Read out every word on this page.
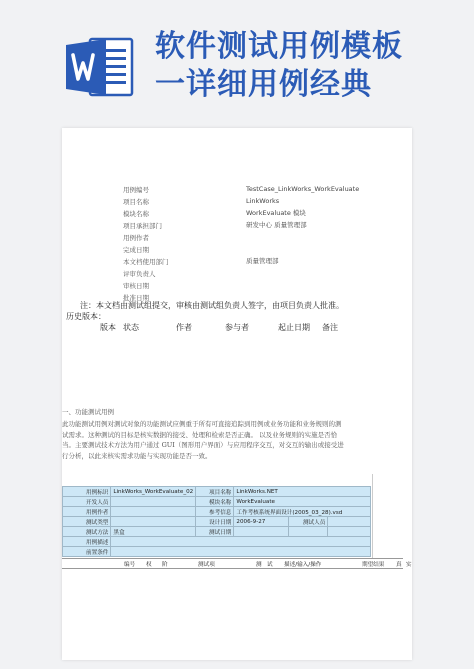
软件测试用例模板
一详细用例经典
用例编号	TestCase_LinkWorks_WorkEvaluate
项目名称	LinkWorks
模块名称	WorkEvaluate 模块
项目承担部门	研发中心 质量管理部
用例作者
完成日期
本文档使用部门	质量管理部
评审负责人
审核日期
批准日期
注：本文档由测试组提交，审核由测试组负责人签字，由项目负责人批准。
历史版本：
版本 状态	作者	参与者	起止日期 备注
一、功能测试用例
此功能测试用例对测试对象的功能测试应侧重于所有可直接追踪到用例或业务功能和业务规则的测试需求。这种测试的目标是核实数据的接受、处理和检索是否正确。 以及业务规则的实施是否恰当。主要测试技术方法为用户通过 GUI（图形用户界面）与应用程序交互，对交互的输出或接受进行分析，以此来核实需求功能与实现功能是否一致。
用例标识	LinkWorks_WorkEvaluate_02	项目名称	LinkWorks.NET		
开发人员		模块名称	WorkEvaluate		
用例作者		参考信息	工作考核系统界面设计(2005_03_28).vsd		
测试类型		设计日期	2006-9-27	测试人员	
测试方法	黑盒	测试日期			
用例描述					
前置条件					
编号 权 阶	测试项	测 试 描述/输入/操作	期望结果 真 实
